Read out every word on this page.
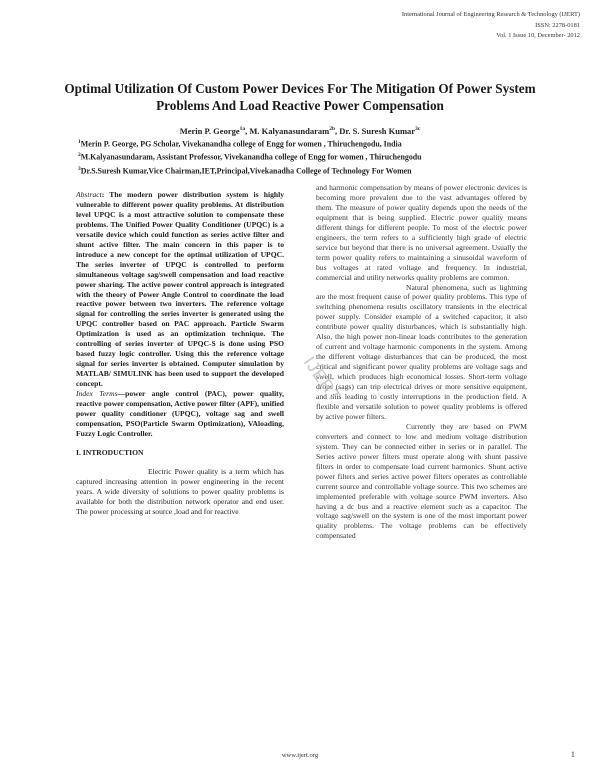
International Journal of Engineering Research & Technology (IJERT)
ISSN: 2278-0181
Vol. 1 Issue 10, December- 2012
Optimal Utilization Of Custom Power Devices For The Mitigation Of Power System Problems And Load Reactive Power Compensation
Merin P. George$^{1a}$, M. Kalyanasundaram$^{2b}$, Dr. S. Suresh Kumar$^{3c}$
$^1$Merin P. George, PG Scholar, Vivekanandha college of Engg for women , Thiruchengodu, India
$^2$M.Kalyanasundaram, Assistant Professor, Vivekanandha college of Engg for women , Thiruchengodu
$^3$Dr.S.Suresh Kumar,Vice Chairman,IET,Principal,Vivekanadha College of Technology For Women

Abstract: The modern power distribution system is highly vulnerable to different power quality problems. At distribution level UPQC is a most attractive solution to compensate these problems. The Unified Power Quality Conditioner (UPQC) is a versatile device which could function as series active filter and shunt active filter. The main concern in this paper is to introduce a new concept for the optimal utilization of UPQC. The series inverter of UPQC is controlled to perform simultaneous voltage sag/swell compensation and load reactive power sharing. The active power control approach is integrated with the theory of Power Angle Control to coordinate the load reactive power between two inverters. The reference voltage signal for controlling the series inverter is generated using the UPQC controller based on PAC approach. Particle Swarm Optimization is used as an optimization technique. The controlling of series inverter of UPQC-S is done using PSO based fuzzy logic controller. Using this the reference voltage signal for series inverter is obtained. Computer simulation by MATLAB/ SIMULINK has been used to support the developed concept.

Index Terms—power angle control (PAC), power quality, reactive power compensation, Active power filter (APF), unified power quality conditioner (UPQC), voltage sag and swell compensation, PSO(Particle Swarm Optimization), VAloading, Fuzzy Logic Controller.

I. INTRODUCTION

Electric Power quality is a term which has captured increasing attention in power engineering in the recent years. A wide diversity of solutions to power quality problems is available for both the distribution network operator and end user. The power processing at source ,load and for reactive

and harmonic compensation by means of power electronic devices is becoming more prevalent due to the vast advantages offered by them. The measure of power quality depends upon the needs of the equipment that is being supplied. Electric power quality means different things for different people. To most of the electric power engineers, the term refers to a sufficiently high grade of electric service but beyond that there is no universal agreement. Usually the term power quality refers to maintaining a sinusoidal waveform of bus voltages at rated voltage and frequency. In industrial, commercial and utility networks quality problems are common.

Natural phenomena, such as lightning are the most frequent cause of power quality problems. This type of switching phenomena results oscillatory transients in the electrical power supply. Consider example of a switched capacitor, it also contribute power quality disturbances, which is substantially high. Also, the high power non-linear loads contributes to the generation of current and voltage harmonic components in the system. Among the different voltage disturbances that can be produced, the most critical and significant power quality problems are voltage sags and swell, which produces high economical losses. Short-term voltage drops (sags) can trip electrical drives or more sensitive equipment, and this leading to costly interruptions in the production field. A flexible and versatile solution to power quality problems is offered by active power filters.

Currently they are based on PWM converters and connect to low and medium voltage distribution system. They can be connected either in series or in parallel. The Series active power filters must operate along with shunt passive filters in order to compensate load current harmonics. Shunt active power filters and series active power filters operates as controllable current source and controllable voltage source. This two schemes are implemented preferable with voltage source PWM inverters. Also having a dc bus and a reactive element such as a capacitor. The voltage sag/swell on the system is one of the most important power quality problems. The voltage problems can be effectively compensated

IJERT
www.ijert.org	1
